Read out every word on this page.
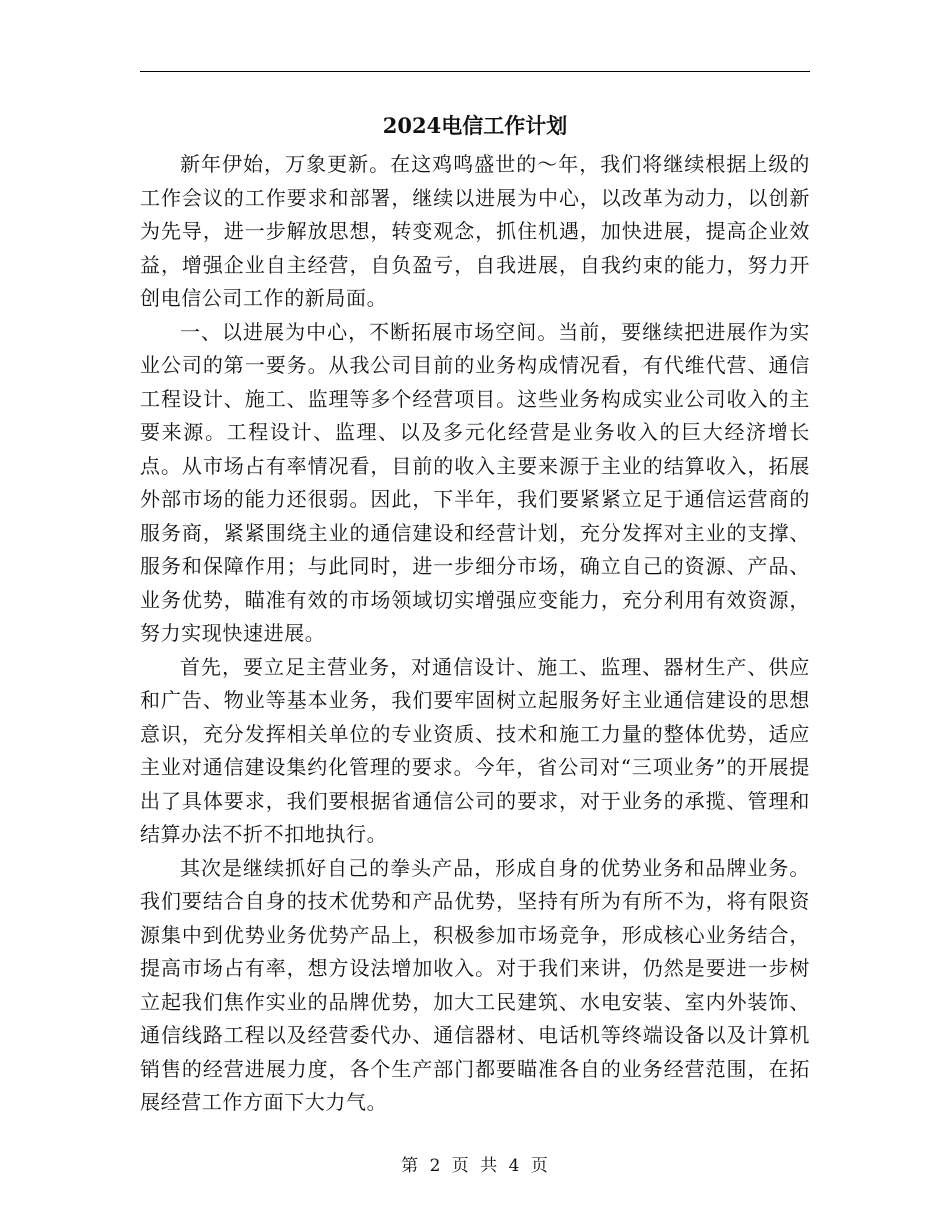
2024电信工作计划

新年伊始，万象更新。在这鸡鸣盛世的～年，我们将继续根据上级的工作会议的工作要求和部署，继续以进展为中心，以改革为动力，以创新为先导，进一步解放思想，转变观念，抓住机遇，加快进展，提高企业效益，增强企业自主经营，自负盈亏，自我进展，自我约束的能力，努力开创电信公司工作的新局面。

一、以进展为中心，不断拓展市场空间。当前，要继续把进展作为实业公司的第一要务。从我公司目前的业务构成情况看，有代维代营、通信工程设计、施工、监理等多个经营项目。这些业务构成实业公司收入的主要来源。工程设计、监理、以及多元化经营是业务收入的巨大经济增长点。从市场占有率情况看，目前的收入主要来源于主业的结算收入，拓展外部市场的能力还很弱。因此，下半年，我们要紧紧立足于通信运营商的服务商，紧紧围绕主业的通信建设和经营计划，充分发挥对主业的支撑、服务和保障作用；与此同时，进一步细分市场，确立自己的资源、产品、业务优势，瞄准有效的市场领域切实增强应变能力，充分利用有效资源，努力实现快速进展。

首先，要立足主营业务，对通信设计、施工、监理、器材生产、供应和广告、物业等基本业务，我们要牢固树立起服务好主业通信建设的思想意识，充分发挥相关单位的专业资质、技术和施工力量的整体优势，适应主业对通信建设集约化管理的要求。今年，省公司对“三项业务”的开展提出了具体要求，我们要根据省通信公司的要求，对于业务的承揽、管理和结算办法不折不扣地执行。

其次是继续抓好自己的拳头产品，形成自身的优势业务和品牌业务。我们要结合自身的技术优势和产品优势，坚持有所为有所不为，将有限资源集中到优势业务优势产品上，积极参加市场竞争，形成核心业务结合，提高市场占有率，想方设法增加收入。对于我们来讲，仍然是要进一步树立起我们焦作实业的品牌优势，加大工民建筑、水电安装、室内外装饰、通信线路工程以及经营委代办、通信器材、电话机等终端设备以及计算机销售的经营进展力度，各个生产部门都要瞄准各自的业务经营范围，在拓展经营工作方面下大力气。

第 2 页 共 4 页
